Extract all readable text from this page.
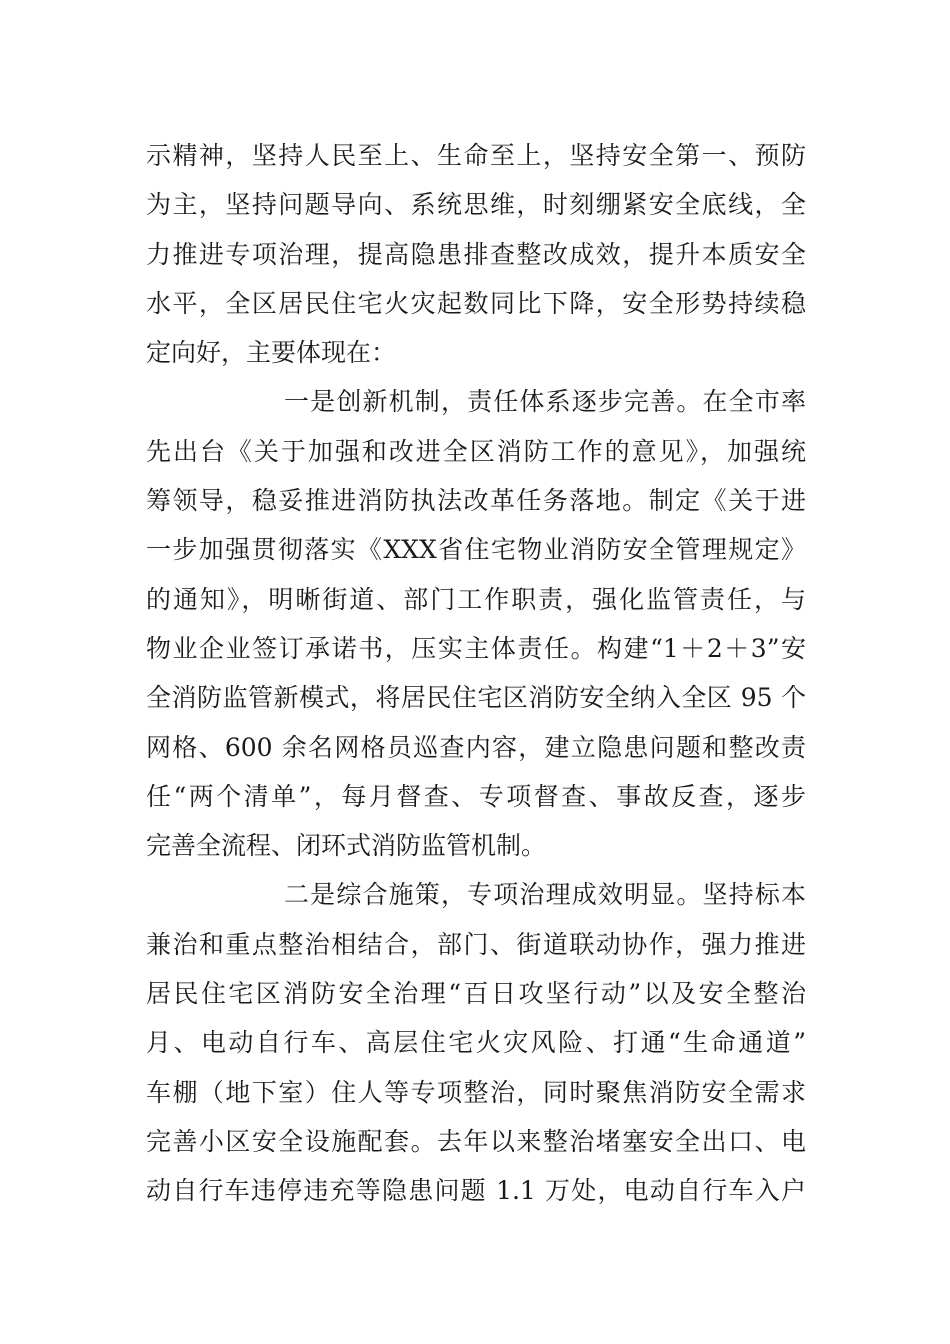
示精神，坚持人民至上、生命至上，坚持安全第一、预防
为主，坚持问题导向、系统思维，时刻绷紧安全底线，全
力推进专项治理，提高隐患排查整改成效，提升本质安全
水平，全区居民住宅火灾起数同比下降，安全形势持续稳
定向好，主要体现在：
一是创新机制，责任体系逐步完善。在全市率
先出台《关于加强和改进全区消防工作的意见》，加强统
筹领导，稳妥推进消防执法改革任务落地。制定《关于进
一步加强贯彻落实《XXX省住宅物业消防安全管理规定》
的通知》，明晰街道、部门工作职责，强化监管责任，与
物业企业签订承诺书，压实主体责任。构建“1＋2＋3”安
全消防监管新模式，将居民住宅区消防安全纳入全区 95 个
网格、600 余名网格员巡查内容，建立隐患问题和整改责
任“两个清单”，每月督查、专项督查、事故反查，逐步
完善全流程、闭环式消防监管机制。
二是综合施策，专项治理成效明显。坚持标本
兼治和重点整治相结合，部门、街道联动协作，强力推进
居民住宅区消防安全治理“百日攻坚行动”以及安全整治
月、电动自行车、高层住宅火灾风险、打通“生命通道”
车棚（地下室）住人等专项整治，同时聚焦消防安全需求
完善小区安全设施配套。去年以来整治堵塞安全出口、电
动自行车违停违充等隐患问题 1.1 万处，电动自行车入户
